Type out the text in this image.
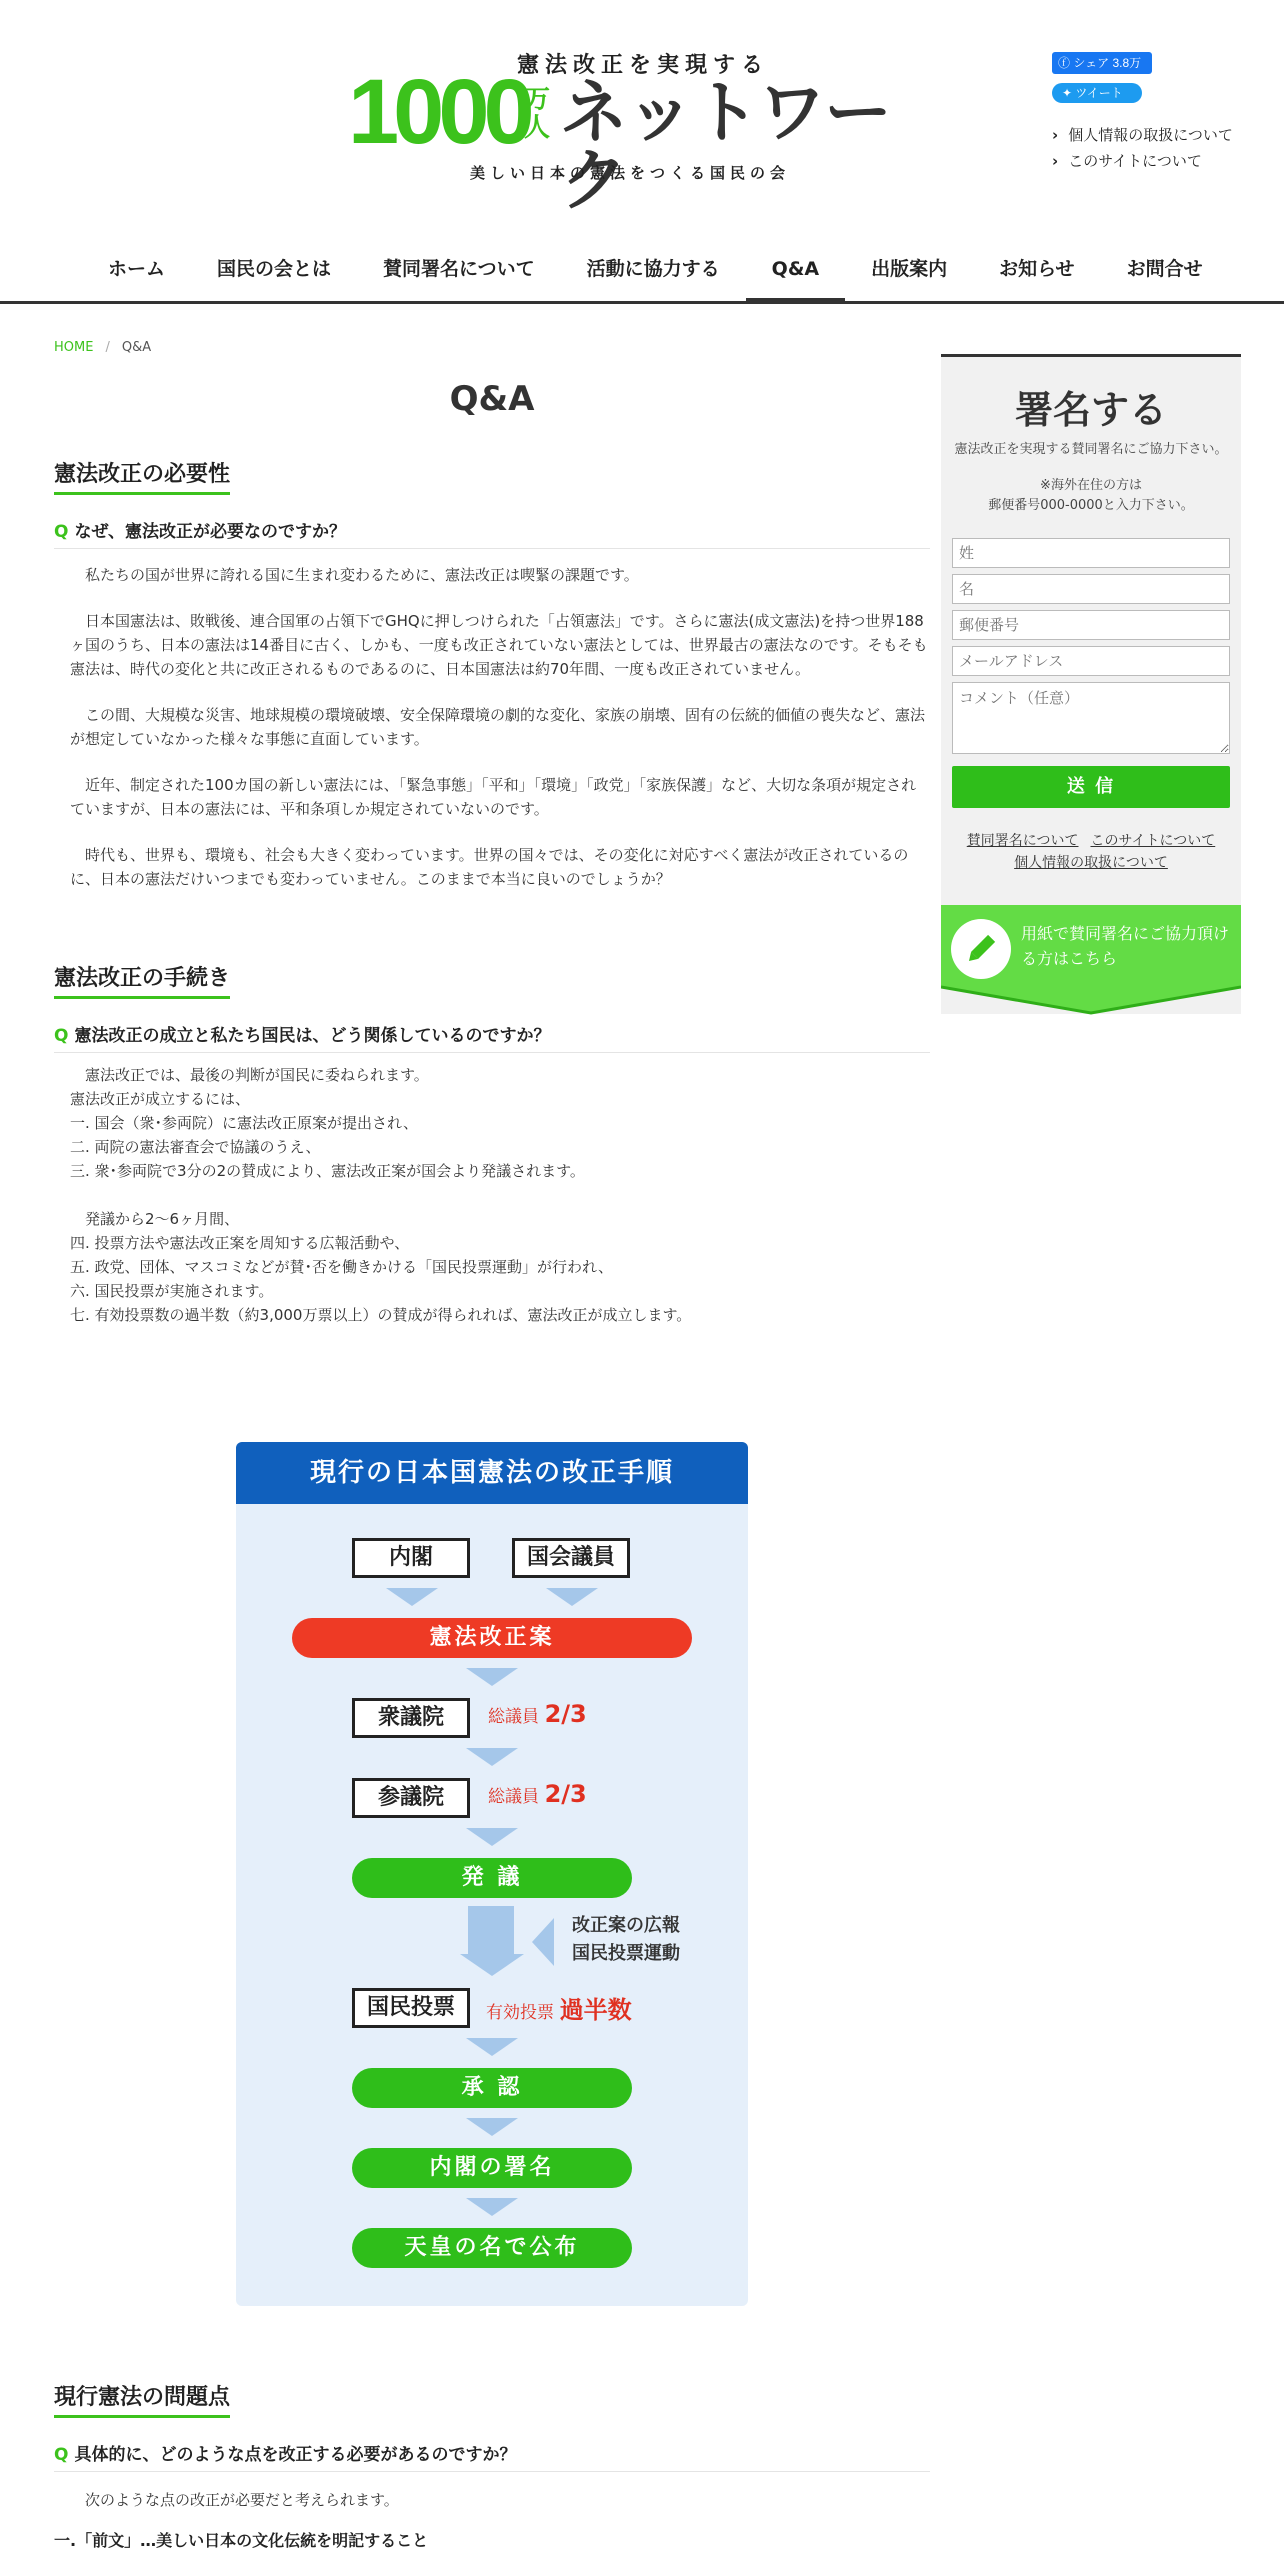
憲法改正を実現する
1000
万人 ネットワーク
美しい日本の憲法をつくる国民の会
ⓕ シェア 3.8万
✦ ツイート
› 個人情報の取扱について
› このサイトについて
ホーム	国民の会とは	賛同署名について	活動に協力する	Q&A	出版案内	お知らせ	お問合せ
HOME / Q&A
Q&A
憲法改正の必要性
Q なぜ、憲法改正が必要なのですか？

私たちの国が世界に誇れる国に生まれ変わるために、憲法改正は喫緊の課題です。

日本国憲法は、敗戦後、連合国軍の占領下でGHQに押しつけられた「占領憲法」です。さらに憲法(成文憲法)を持つ世界188ヶ国のうち、日本の憲法は14番目に古く、しかも、一度も改正されていない憲法としては、世界最古の憲法なのです。そもそも憲法は、時代の変化と共に改正されるものであるのに、日本国憲法は約70年間、一度も改正されていません。

この間、大規模な災害、地球規模の環境破壊、安全保障環境の劇的な変化、家族の崩壊、固有の伝統的価値の喪失など、憲法が想定していなかった様々な事態に直面しています。

近年、制定された100カ国の新しい憲法には、「緊急事態」「平和」「環境」「政党」「家族保護」など、大切な条項が規定されていますが、日本の憲法には、平和条項しか規定されていないのです。

時代も、世界も、環境も、社会も大きく変わっています。世界の国々では、その変化に対応すべく憲法が改正されているのに、日本の憲法だけいつまでも変わっていません。このままで本当に良いのでしょうか？

憲法改正の手続き
Q 憲法改正の成立と私たち国民は、どう関係しているのですか？

憲法改正では、最後の判断が国民に委ねられます。

憲法改正が成立するには、

一. 国会（衆･参両院）に憲法改正原案が提出され、

二. 両院の憲法審査会で協議のうえ、

三. 衆･参両院で3分の2の賛成により、憲法改正案が国会より発議されます。

発議から2～6ヶ月間、

四. 投票方法や憲法改正案を周知する広報活動や、

五. 政党、団体、マスコミなどが賛･否を働きかける「国民投票運動」が行われ、

六. 国民投票が実施されます。

七. 有効投票数の過半数（約3,000万票以上）の賛成が得られれば、憲法改正が成立します。

現行の日本国憲法の改正手順
内閣	国会議員
憲法改正案
衆議院	総議員 2/3
参議院	総議員 2/3
発 議
改正案の広報
国民投票運動
国民投票	有効投票 過半数
承 認
内閣の署名
天皇の名で公布
現行憲法の問題点
Q 具体的に、どのような点を改正する必要があるのですか？

次のような点の改正が必要だと考えられます。

一.「前文」…美しい日本の文化伝統を明記すること

署名する
憲法改正を実現する賛同署名にご協力下さい。
※海外在住の方は
郵便番号000-0000と入力下さい。
姓
名
郵便番号
メールアドレス
コメント（任意）
送 信
賛同署名について このサイトについて
個人情報の取扱について
用紙で賛同署名にご協力頂ける方はこちら
